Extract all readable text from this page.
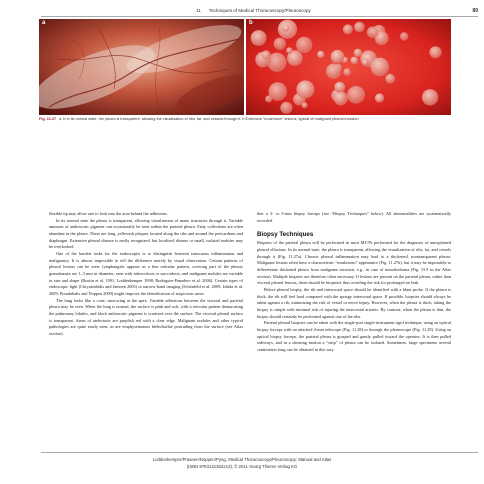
11 Techniques of Medical Thoracoscopy/Pleuroscopy	89
a	b
Fig. 11.27 a, b In its normal state, the pleura is transparent, allowing the visualization of ribs, fat, and vessels through it. b Extensive “mushroom” lesions, typical of malignant pleural invasion.

flexible tip may allow one to look into the area behind the adhesions.

In its normal state the pleura is transparent, allowing visualization of many structures through it. Variable amounts of anthracotic pigment can occasionally be seen within the parietal pleura. Fatty collections are often abundant in the pleura. These are long, yellowish plaques located along the ribs and around the pericardium and diaphragm. Extensive pleural disease is easily recognized, but localized disease or small, isolated nodules may be overlooked.

One of the hardest tasks for the endoscopist is to distinguish between innocuous inflammation and malignancy. It is almost impossible to tell the difference merely by visual observation. Certain patterns of pleural lesions can be seen: lymphangitis appears as a fine reticular pattern, covering part of the pleura; granulomata are 1–3 mm in diameter, seen with tuberculosis or sarcoidosis; and malignant nodules are variable in size and shape (Boutin et al. 1991; Loddenkemper 1998; Rodriguez-Panadero et al. 2006). Certain types of endoscopic light (Chrysanthidis and Janssen 2005) or narrow-band imaging (Schönfeld et al. 2009; Ishida et al. 2009; Proudakalis and Noppen 2009) might improve the identification of suspicious areas.

The lung looks like a cone, narrowing at the apex. Variable adhesions between the visceral and parietal pleura may be seen. When the lung is normal, the surface is pink and soft, with a reticular pattern demarcating the pulmonary lobules, and black anthracotic pigment is scattered over the surface. The visceral pleural surface is transparent. Areas of atelectasis are purplish red with a clear edge. Malignant nodules and other typical pathologies are quite easily seen, as are emphysematous blebs/bullae protruding from the surface (see Atlas section).

ther a 3- or 5-mm biopsy forceps (see “Biopsy Techniques” below). All abnormalities are systematically recorded.

Biopsy Techniques

Biopsies of the parietal pleura will be performed in most MT/Ps performed for the diagnosis of unexplained pleural effusions. In its normal state, the pleura is transparent, allowing the visualization of ribs, fat, and vessels through it (Fig. 11.27a). Chronic pleural inflammation may lead to a thickened, nontransparent pleura. Malignant lesions often have a characteristic “mushroom” appearance (Fig. 11.27b), but it may be impossible to differentiate thickened pleura from malignant invasion, e.g., in case of mesothelioma (Fig. 15.9 in the Atlas section). Multiple biopsies are therefore often necessary. If lesions are present on the parietal pleura, rather than visceral pleural lesions, these should be biopsied, thus avoiding the risk for prolonged air leak.

Before pleural biopsy, the rib and intercostal space should be identified with a blunt probe. If the pleura is thick, the rib will feel hard compared with the spongy intercostal space. If possible, biopsies should always be taken against a rib, minimizing the risk of vessel or nerve injury. However, when the pleura is thick, taking the biopsy is simple with minimal risk of injuring the intercostal arteries. By contrast, when the pleura is thin, the biopsy should certainly be performed against one of the ribs.

Parietal pleural biopsies can be taken with the single-port single-instrument rigid technique, using an optical biopsy forceps with an attached 4-mm telescope (Fig. 11.28) or through the pleuroscope (Fig. 11.29). Using an optical biopsy forceps, the parietal pleura is grasped and gently pulled toward the operator. It is then pulled sideways, and in a shearing motion a “strip” of pleura can be isolated. Sometimes, large specimens several centimeters long can be obtained in this way.

Loddenkemper/Praveen/Noppen/Pyng, Medical Thoracoscopy/Pleuroscopy: Manual and Atlas
(ISBN 9783131362213), © 2011 Georg Thieme Verlag KG
